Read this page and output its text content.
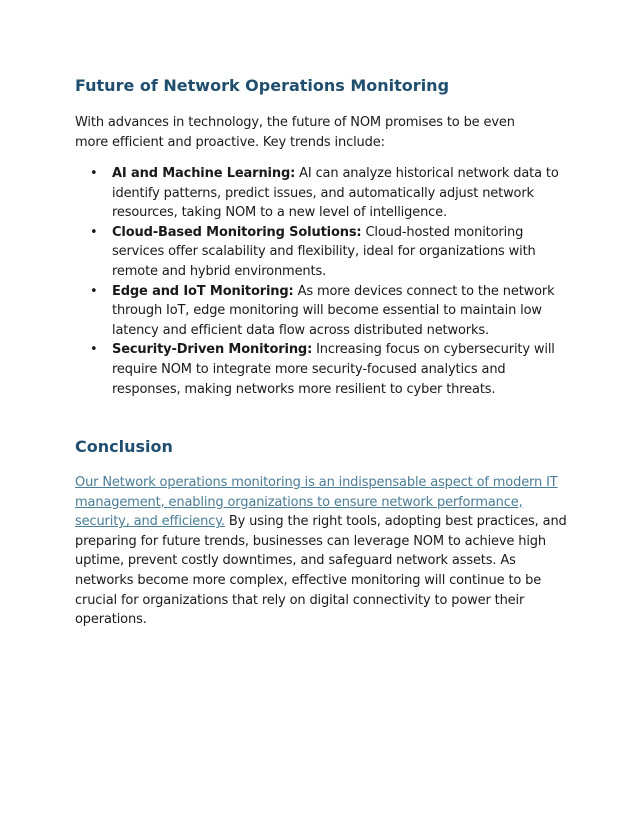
Future of Network Operations Monitoring

With advances in technology, the future of NOM promises to be even more efficient and proactive. Key trends include:

• AI and Machine Learning: AI can analyze historical network data to identify patterns, predict issues, and automatically adjust network resources, taking NOM to a new level of intelligence.
• Cloud-Based Monitoring Solutions: Cloud-hosted monitoring services offer scalability and flexibility, ideal for organizations with remote and hybrid environments.
• Edge and IoT Monitoring: As more devices connect to the network through IoT, edge monitoring will become essential to maintain low latency and efficient data flow across distributed networks.
• Security-Driven Monitoring: Increasing focus on cybersecurity will require NOM to integrate more security-focused analytics and responses, making networks more resilient to cyber threats.
Conclusion

Our Network operations monitoring is an indispensable aspect of modern IT management, enabling organizations to ensure network performance, security, and efficiency. By using the right tools, adopting best practices, and preparing for future trends, businesses can leverage NOM to achieve high uptime, prevent costly downtimes, and safeguard network assets. As networks become more complex, effective monitoring will continue to be crucial for organizations that rely on digital connectivity to power their operations.
